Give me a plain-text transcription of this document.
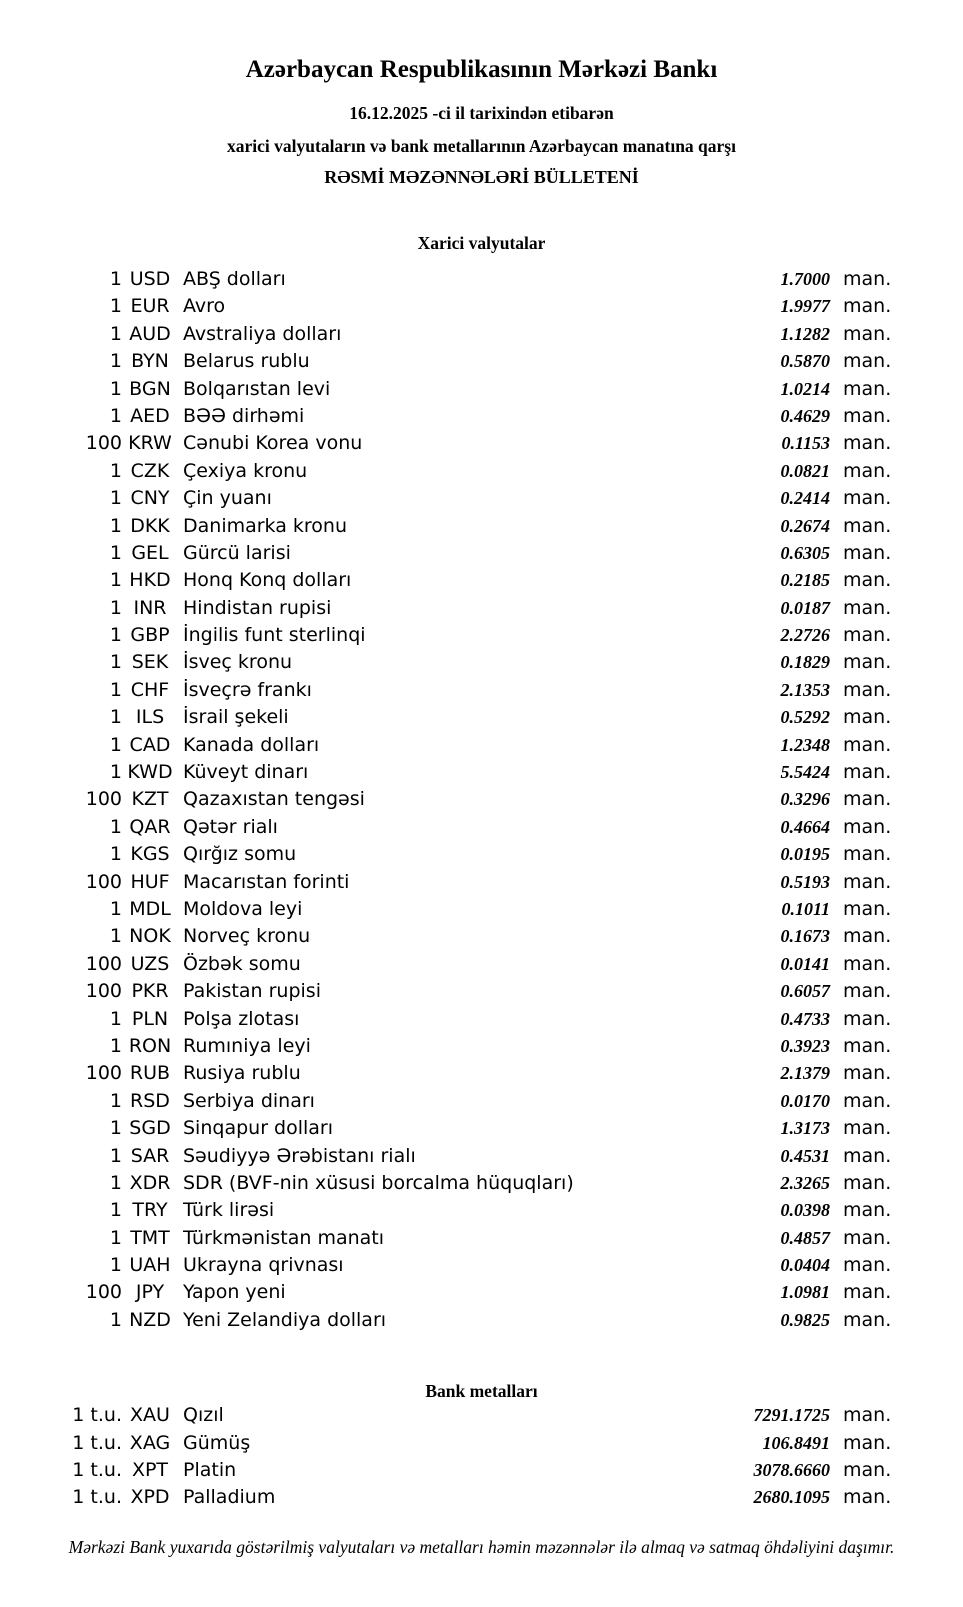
Azərbaycan Respublikasının Mərkəzi Bankı
16.12.2025 -ci il tarixindən etibarən
xarici valyutaların və bank metallarının Azərbaycan manatına qarşı
RƏSMİ MƏZƏNNƏLƏRİ BÜLLETENİ
Xarici valyutalar
1 USD ABŞ dolları	1.7000 man.
1 EUR Avro	1.9977 man.
1 AUD Avstraliya dolları	1.1282 man.
1 BYN Belarus rublu	0.5870 man.
1 BGN Bolqarıstan levi	1.0214 man.
1 AED BƏƏ dirhəmi	0.4629 man.
100 KRW Cənubi Korea vonu	0.1153 man.
1 CZK Çexiya kronu	0.0821 man.
1 CNY Çin yuanı	0.2414 man.
1 DKK Danimarka kronu	0.2674 man.
1 GEL Gürcü larisi	0.6305 man.
1 HKD Honq Konq dolları	0.2185 man.
1 INR Hindistan rupisi	0.0187 man.
1 GBP İngilis funt sterlinqi	2.2726 man.
1 SEK İsveç kronu	0.1829 man.
1 CHF İsveçrə frankı	2.1353 man.
1 ILS İsrail şekeli	0.5292 man.
1 CAD Kanada dolları	1.2348 man.
1 KWD Küveyt dinarı	5.5424 man.
100 KZT Qazaxıstan tengəsi	0.3296 man.
1 QAR Qətər rialı	0.4664 man.
1 KGS Qırğız somu	0.0195 man.
100 HUF Macarıstan forinti	0.5193 man.
1 MDL Moldova leyi	0.1011 man.
1 NOK Norveç kronu	0.1673 man.
100 UZS Özbək somu	0.0141 man.
100 PKR Pakistan rupisi	0.6057 man.
1 PLN Polşa zlotası	0.4733 man.
1 RON Rumıniya leyi	0.3923 man.
100 RUB Rusiya rublu	2.1379 man.
1 RSD Serbiya dinarı	0.0170 man.
1 SGD Sinqapur dolları	1.3173 man.
1 SAR Səudiyyə Ərəbistanı rialı	0.4531 man.
1 XDR SDR (BVF-nin xüsusi borcalma hüquqları)	2.3265 man.
1 TRY Türk lirəsi	0.0398 man.
1 TMT Türkmənistan manatı	0.4857 man.
1 UAH Ukrayna qrivnası	0.0404 man.
100 JPY Yapon yeni	1.0981 man.
1 NZD Yeni Zelandiya dolları	0.9825 man.
Bank metalları
1 t.u. XAU Qızıl	7291.1725 man.
1 t.u. XAG Gümüş	106.8491 man.
1 t.u. XPT Platin	3078.6660 man.
1 t.u. XPD Palladium	2680.1095 man.
Mərkəzi Bank yuxarıda göstərilmiş valyutaları və metalları həmin məzənnələr ilə almaq və satmaq öhdəliyini daşımır.
